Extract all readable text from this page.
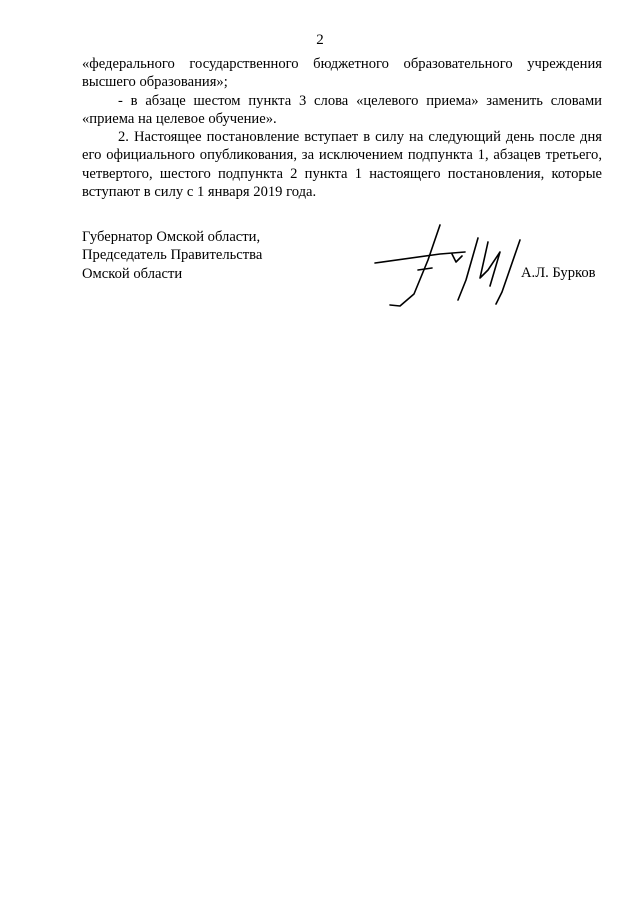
2

«федерального государственного бюджетного образовательного учреждения высшего образования»;

- в абзаце шестом пункта 3 слова «целевого приема» заменить словами «приема на целевое обучение».

2. Настоящее постановление вступает в силу на следующий день после дня его официального опубликования, за исключением подпункта 1, абзацев третьего, четвертого, шестого подпункта 2 пункта 1 настоящего постановления, которые вступают в силу с 1 января 2019 года.

Губернатор Омской области,
Председатель Правительства
Омской области	А.Л. Бурков
